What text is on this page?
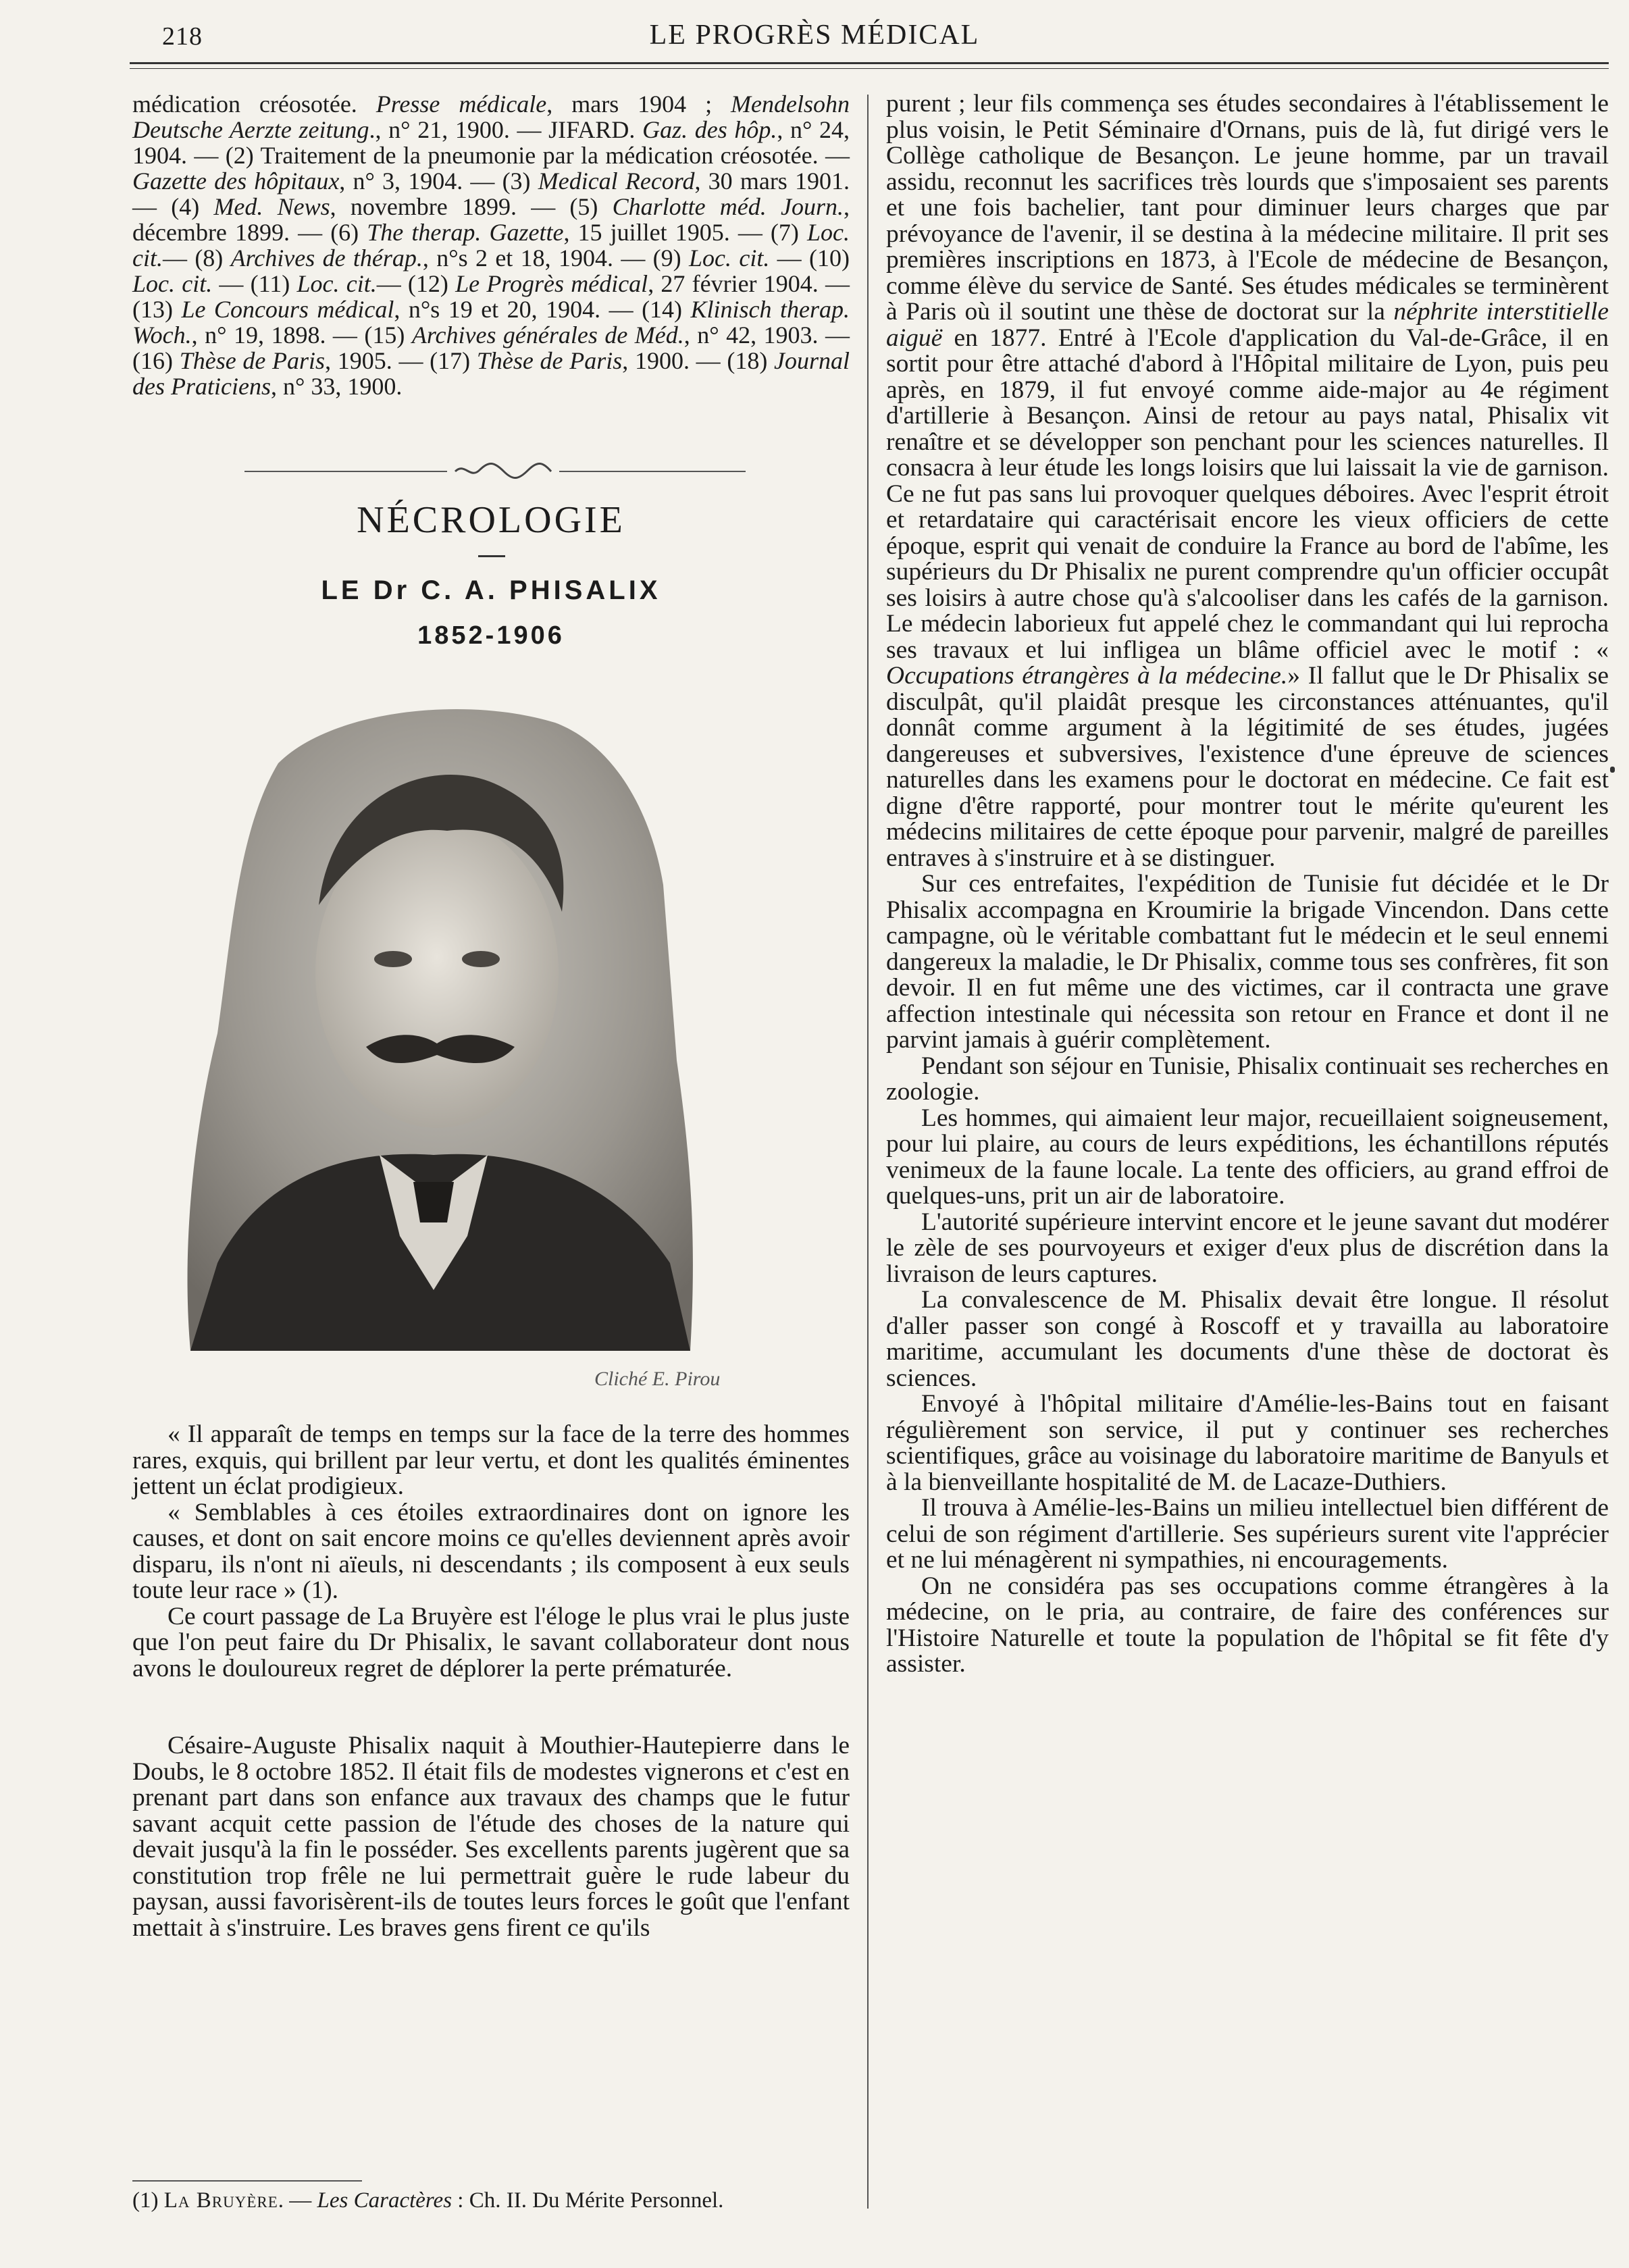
218	LE PROGRÈS MÉDICAL
médication créosotée. Presse médicale, mars 1904 ; Mendelsohn Deutsche Aerzte zeitung., n° 21, 1900. — JIFARD. Gaz. des hôp., n° 24, 1904. — (2) Traitement de la pneumonie par la médication créosotée. — Gazette des hôpitaux, n° 3, 1904. — (3) Medical Record, 30 mars 1901. — (4) Med. News, novembre 1899. — (5) Charlotte méd. Journ., décembre 1899. — (6) The therap. Gazette, 15 juillet 1905. — (7) Loc. cit.— (8) Archives de thérap., n°s 2 et 18, 1904. — (9) Loc. cit. — (10) Loc. cit. — (11) Loc. cit.— (12) Le Progrès médical, 27 février 1904. — (13) Le Concours médical, n°s 19 et 20, 1904. — (14) Klinisch therap. Woch., n° 19, 1898. — (15) Archives générales de Méd., n° 42, 1903. — (16) Thèse de Paris, 1905. — (17) Thèse de Paris, 1900. — (18) Journal des Praticiens, n° 33, 1900.
NÉCROLOGIE
LE Dr C. A. PHISALIX
1852-1906
Cliché E. Pirou

« Il apparaît de temps en temps sur la face de la terre des hommes rares, exquis, qui brillent par leur vertu, et dont les qualités éminentes jettent un éclat prodigieux.

« Semblables à ces étoiles extraordinaires dont on ignore les causes, et dont on sait encore moins ce qu'elles deviennent après avoir disparu, ils n'ont ni aïeuls, ni descendants ; ils composent à eux seuls toute leur race » (1).

Ce court passage de La Bruyère est l'éloge le plus vrai le plus juste que l'on peut faire du Dr Phisalix, le savant collaborateur dont nous avons le douloureux regret de déplorer la perte prématurée.

Césaire-Auguste Phisalix naquit à Mouthier-Hautepierre dans le Doubs, le 8 octobre 1852. Il était fils de modestes vignerons et c'est en prenant part dans son enfance aux travaux des champs que le futur savant acquit cette passion de l'étude des choses de la nature qui devait jusqu'à la fin le posséder. Ses excellents parents jugèrent que sa constitution trop frêle ne lui permettrait guère le rude labeur du paysan, aussi favorisèrent-ils de toutes leurs forces le goût que l'enfant mettait à s'instruire. Les braves gens firent ce qu'ils

(1) La Bruyère. — Les Caractères : Ch. II. Du Mérite Personnel.

purent ; leur fils commença ses études secondaires à l'établissement le plus voisin, le Petit Séminaire d'Ornans, puis de là, fut dirigé vers le Collège catholique de Besançon. Le jeune homme, par un travail assidu, reconnut les sacrifices très lourds que s'imposaient ses parents et une fois bachelier, tant pour diminuer leurs charges que par prévoyance de l'avenir, il se destina à la médecine militaire. Il prit ses premières inscriptions en 1873, à l'Ecole de médecine de Besançon, comme élève du service de Santé. Ses études médicales se terminèrent à Paris où il soutint une thèse de doctorat sur la néphrite interstitielle aiguë en 1877. Entré à l'Ecole d'application du Val-de-Grâce, il en sortit pour être attaché d'abord à l'Hôpital militaire de Lyon, puis peu après, en 1879, il fut envoyé comme aide-major au 4e régiment d'artillerie à Besançon. Ainsi de retour au pays natal, Phisalix vit renaître et se développer son penchant pour les sciences naturelles. Il consacra à leur étude les longs loisirs que lui laissait la vie de garnison. Ce ne fut pas sans lui provoquer quelques déboires. Avec l'esprit étroit et retardataire qui caractérisait encore les vieux officiers de cette époque, esprit qui venait de conduire la France au bord de l'abîme, les supérieurs du Dr Phisalix ne purent comprendre qu'un officier occupât ses loisirs à autre chose qu'à s'alcooliser dans les cafés de la garnison. Le médecin laborieux fut appelé chez le commandant qui lui reprocha ses travaux et lui infligea un blâme officiel avec le motif : « Occupations étrangères à la médecine.» Il fallut que le Dr Phisalix se disculpât, qu'il plaidât presque les circonstances atténuantes, qu'il donnât comme argument à la légitimité de ses études, jugées dangereuses et subversives, l'existence d'une épreuve de sciences naturelles dans les examens pour le doctorat en médecine. Ce fait est digne d'être rapporté, pour montrer tout le mérite qu'eurent les médecins militaires de cette époque pour parvenir, malgré de pareilles entraves à s'instruire et à se distinguer.

Sur ces entrefaites, l'expédition de Tunisie fut décidée et le Dr Phisalix accompagna en Kroumirie la brigade Vincendon. Dans cette campagne, où le véritable combattant fut le médecin et le seul ennemi dangereux la maladie, le Dr Phisalix, comme tous ses confrères, fit son devoir. Il en fut même une des victimes, car il contracta une grave affection intestinale qui nécessita son retour en France et dont il ne parvint jamais à guérir complètement.

Pendant son séjour en Tunisie, Phisalix continuait ses recherches en zoologie.

Les hommes, qui aimaient leur major, recueillaient soigneusement, pour lui plaire, au cours de leurs expéditions, les échantillons réputés venimeux de la faune locale. La tente des officiers, au grand effroi de quelques-uns, prit un air de laboratoire.

L'autorité supérieure intervint encore et le jeune savant dut modérer le zèle de ses pourvoyeurs et exiger d'eux plus de discrétion dans la livraison de leurs captures.

La convalescence de M. Phisalix devait être longue. Il résolut d'aller passer son congé à Roscoff et y travailla au laboratoire maritime, accumulant les documents d'une thèse de doctorat ès sciences.

Envoyé à l'hôpital militaire d'Amélie-les-Bains tout en faisant régulièrement son service, il put y continuer ses recherches scientifiques, grâce au voisinage du laboratoire maritime de Banyuls et à la bienveillante hospitalité de M. de Lacaze-Duthiers.

Il trouva à Amélie-les-Bains un milieu intellectuel bien différent de celui de son régiment d'artillerie. Ses supérieurs surent vite l'apprécier et ne lui ménagèrent ni sympathies, ni encouragements.

On ne considéra pas ses occupations comme étrangères à la médecine, on le pria, au contraire, de faire des conférences sur l'Histoire Naturelle et toute la population de l'hôpital se fit fête d'y assister.
